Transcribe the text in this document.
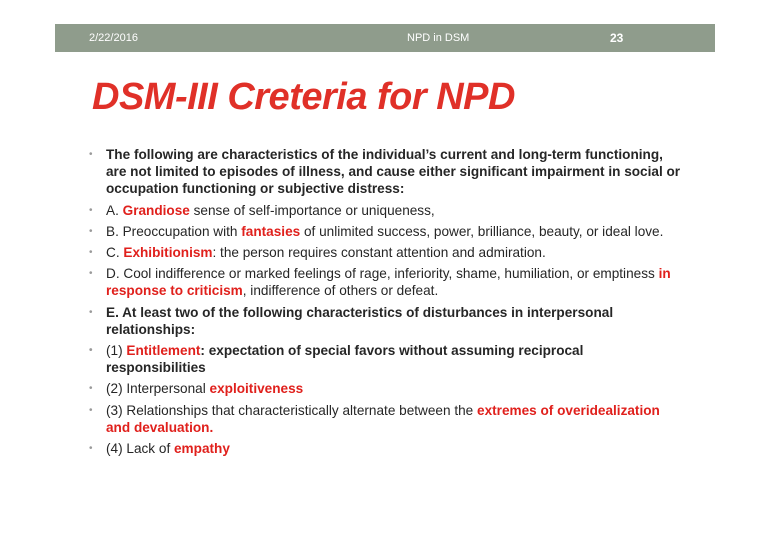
2/22/2016	NPD in DSM	23
DSM-III Creteria for NPD
• The following are characteristics of the individual’s current and long-term functioning, are not limited to episodes of illness, and cause either significant impairment in social or occupation functioning or subjective distress:
• A. Grandiose sense of self-importance or uniqueness,
• B. Preoccupation with fantasies of unlimited success, power, brilliance, beauty, or ideal love.
• C. Exhibitionism: the person requires constant attention and admiration.
• D. Cool indifference or marked feelings of rage, inferiority, shame, humiliation, or emptiness in response to criticism, indifference of others or defeat.
• E. At least two of the following characteristics of disturbances in interpersonal relationships:
• (1) Entitlement: expectation of special favors without assuming reciprocal responsibilities
• (2) Interpersonal exploitiveness
• (3) Relationships that characteristically alternate between the extremes of overidealization and devaluation.
• (4) Lack of empathy
